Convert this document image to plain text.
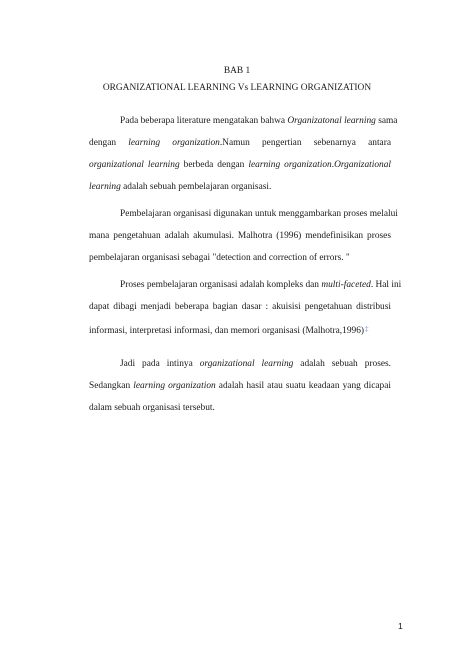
BAB 1
ORGANIZATIONAL LEARNING Vs LEARNING ORGANIZATION
Pada beberapa literature mengatakan bahwa Organizatonal learning sama
dengan learning organization.Namun pengertian sebenarnya antara
organizational learning berbeda dengan learning organization.Organizational
learning adalah sebuah pembelajaran organisasi.
Pembelajaran organisasi digunakan untuk menggambarkan proses melalui
mana pengetahuan adalah akumulasi. Malhotra (1996) mendefinisikan proses
pembelajaran organisasi sebagai "detection and correction of errors. "
Proses pembelajaran organisasi adalah kompleks dan multi-faceted. Hal ini
dapat dibagi menjadi beberapa bagian dasar : akuisisi pengetahuan distribusi
informasi, interpretasi informasi, dan memori organisasi (Malhotra,1996)‡
Jadi pada intinya organizational learning adalah sebuah proses.
Sedangkan learning organization adalah hasil atau suatu keadaan yang dicapai
dalam sebuah organisasi tersebut.
1
